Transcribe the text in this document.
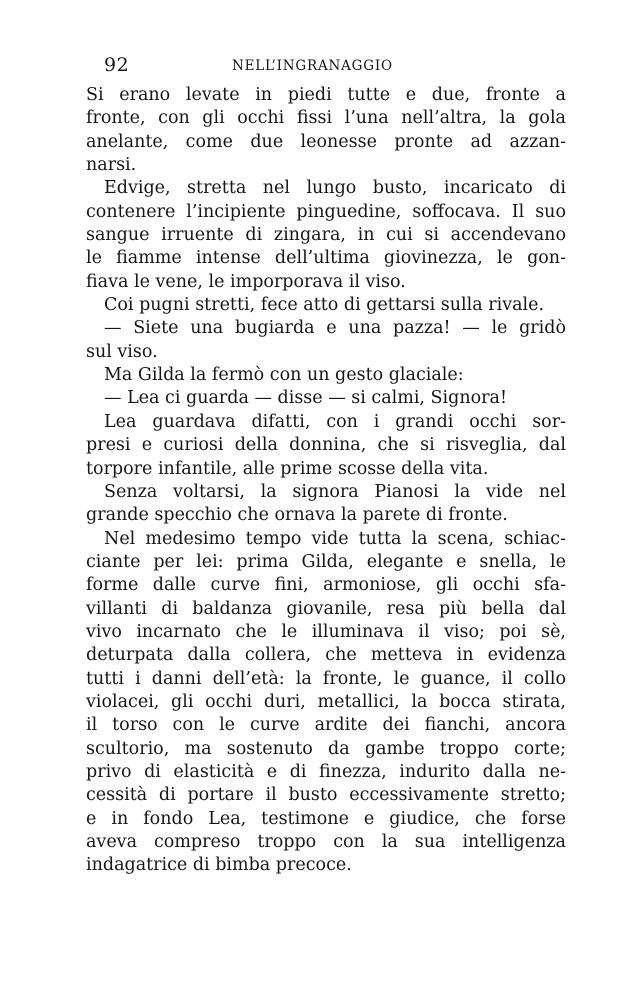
92	NELL’INGRANAGGIO
Si erano levate in piedi tutte e due, fronte a
fronte, con gli occhi fissi l’una nell’altra, la gola
anelante, come due leonesse pronte ad azzan-
narsi.
Edvige, stretta nel lungo busto, incaricato di
contenere l’incipiente pinguedine, soffocava. Il suo
sangue irruente di zingara, in cui si accendevano
le fiamme intense dell’ultima giovinezza, le gon-
fiava le vene, le imporporava il viso.
Coi pugni stretti, fece atto di gettarsi sulla rivale.
— Siete una bugiarda e una pazza! — le gridò
sul viso.
Ma Gilda la fermò con un gesto glaciale:
— Lea ci guarda — disse — si calmi, Signora!
Lea guardava difatti, con i grandi occhi sor-
presi e curiosi della donnina, che si risveglia, dal
torpore infantile, alle prime scosse della vita.
Senza voltarsi, la signora Pianosi la vide nel
grande specchio che ornava la parete di fronte.
Nel medesimo tempo vide tutta la scena, schiac-
ciante per lei: prima Gilda, elegante e snella, le
forme dalle curve fini, armoniose, gli occhi sfa-
villanti di baldanza giovanile, resa più bella dal
vivo incarnato che le illuminava il viso; poi sè,
deturpata dalla collera, che metteva in evidenza
tutti i danni dell’età: la fronte, le guance, il collo
violacei, gli occhi duri, metallici, la bocca stirata,
il torso con le curve ardite dei fianchi, ancora
scultorio, ma sostenuto da gambe troppo corte;
privo di elasticità e di finezza, indurito dalla ne-
cessità di portare il busto eccessivamente stretto;
e in fondo Lea, testimone e giudice, che forse
aveva compreso troppo con la sua intelligenza
indagatrice di bimba precoce.
